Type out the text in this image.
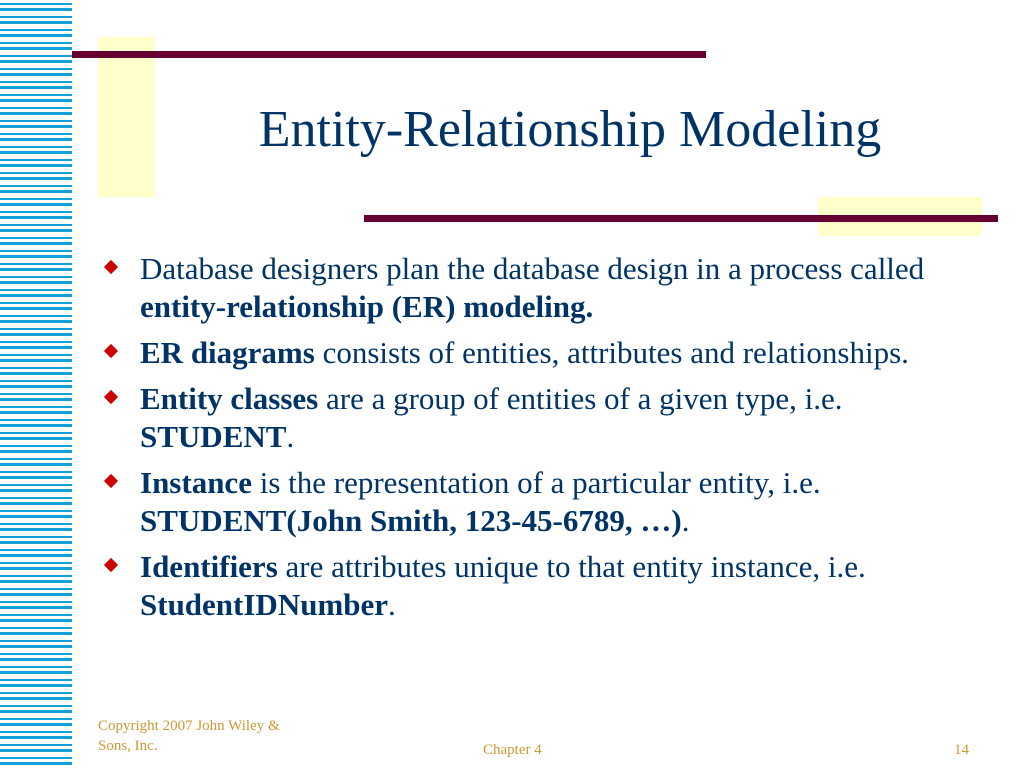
Entity-Relationship Modeling
Database designers plan the database design in a process called entity-relationship (ER) modeling.
ER diagrams consists of entities, attributes and relationships.
Entity classes are a group of entities of a given type, i.e. STUDENT.
Instance is the representation of a particular entity, i.e. STUDENT(John Smith, 123-45-6789, …).
Identifiers are attributes unique to that entity instance, i.e. StudentIDNumber.
Copyright 2007 John Wiley & Sons, Inc.	Chapter 4	14
